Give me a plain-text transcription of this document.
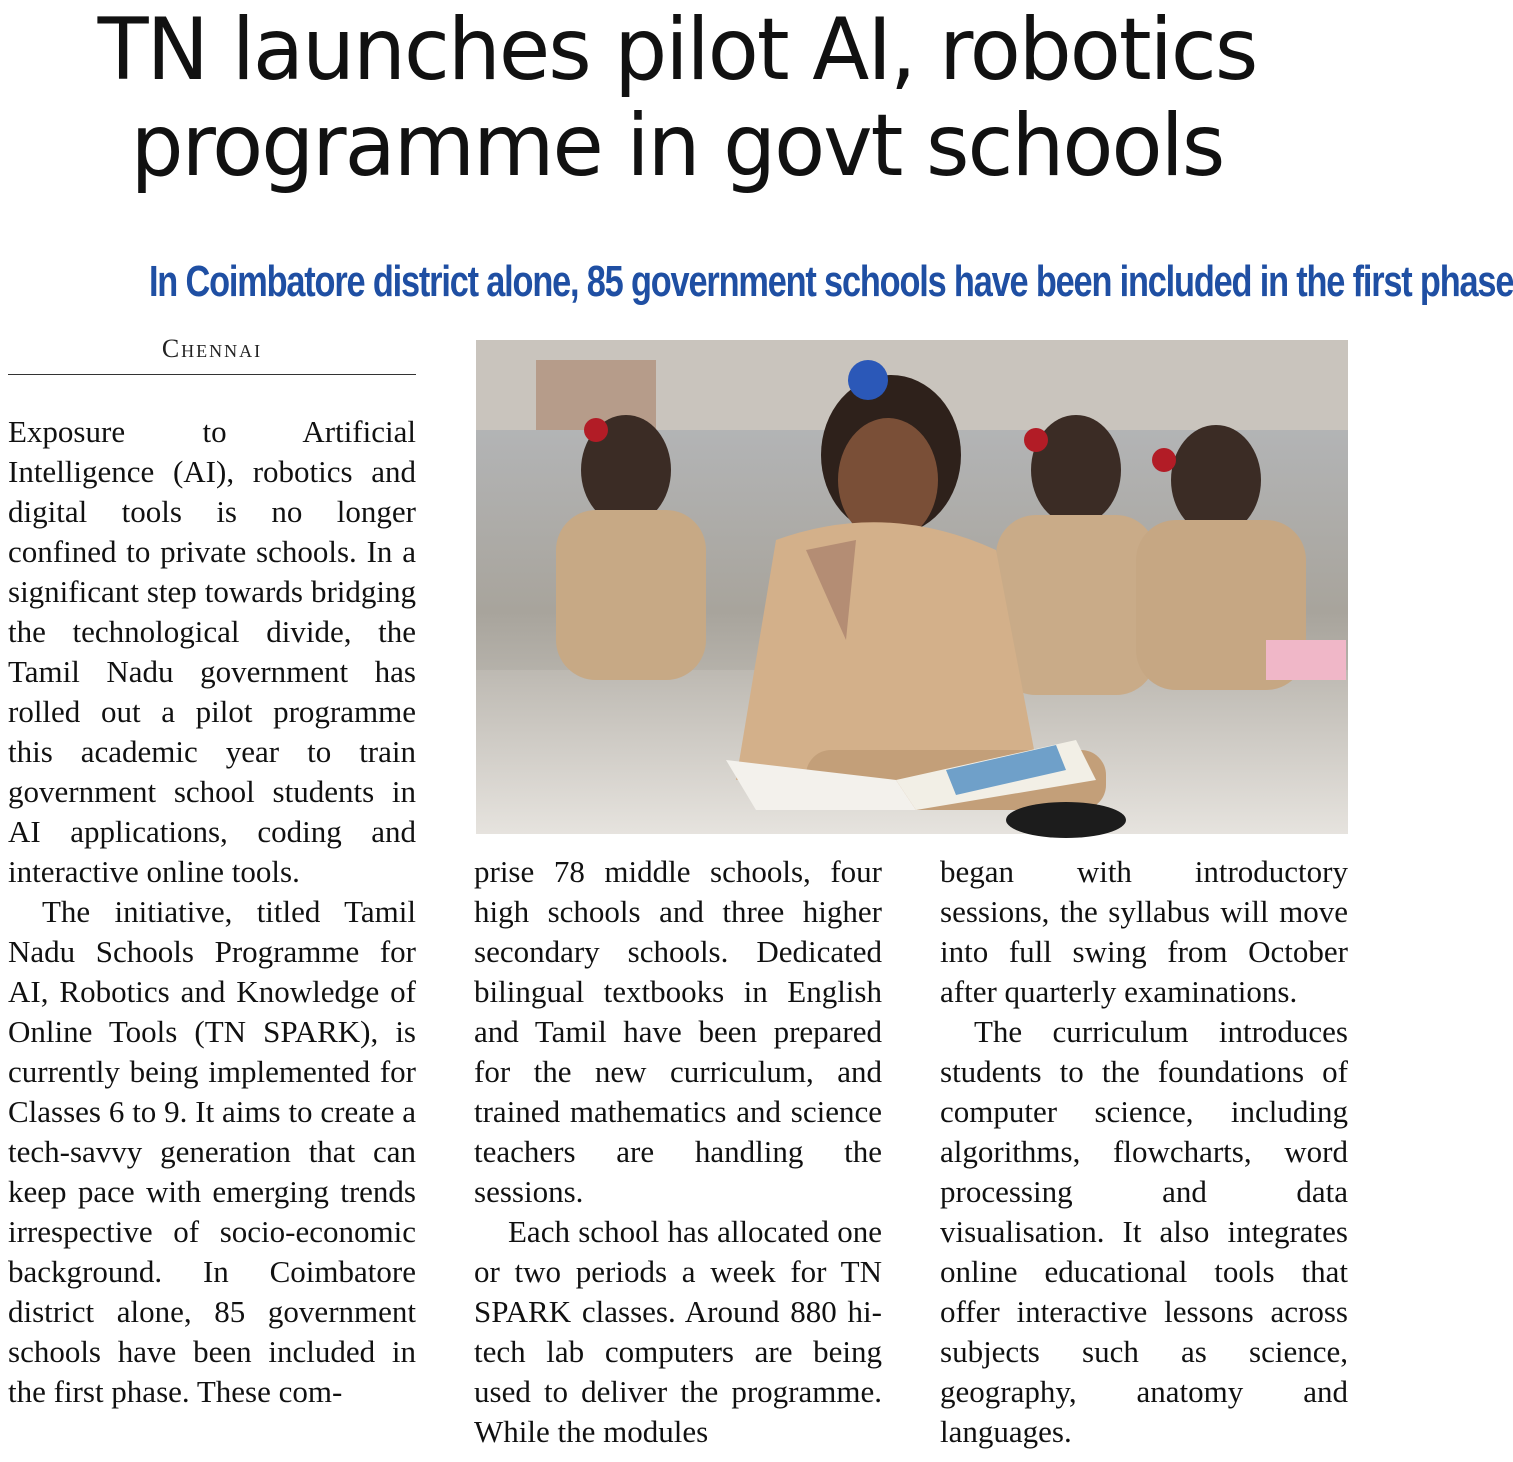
TN launches pilot AI, robotics
programme in govt schools
In Coimbatore district alone, 85 government schools have been included in the first phase
Chennai

Exposure to Artificial Intelligence (AI), robotics and digital tools is no longer confined to private schools. In a significant step towards bridging the technological divide, the Tamil Nadu government has rolled out a pilot programme this academic year to train government school students in AI applications, coding and interactive online tools.

The initiative, titled Tamil Nadu Schools Programme for AI, Robotics and Knowledge of Online Tools (TN SPARK), is currently being implemented for Classes 6 to 9. It aims to create a tech-savvy generation that can keep pace with emerging trends irrespective of socio-economic background. In Coimbatore district alone, 85 government schools have been included in the first phase. These com-

prise 78 middle schools, four high schools and three higher secondary schools. Dedicated bilingual textbooks in English and Tamil have been prepared for the new curriculum, and trained mathematics and science teachers are handling the sessions.

Each school has allocated one or two periods a week for TN SPARK classes. Around 880 hi-tech lab computers are being used to deliver the programme. While the modules

began with introductory sessions, the syllabus will move into full swing from October after quarterly examinations.

The curriculum introduces students to the foundations of computer science, including algorithms, flowcharts, word processing and data visualisation. It also integrates online educational tools that offer interactive lessons across subjects such as science, geography, anatomy and languages.
